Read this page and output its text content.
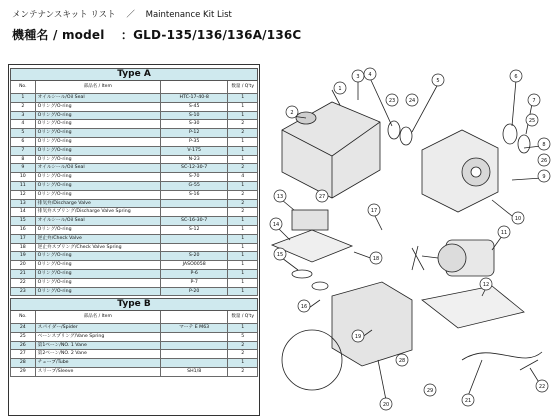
メンテナンスキット リスト ／ Maintenance Kit List
機種名 / model ：GLD-135/136/136A/136C
Type A			
No.	部品名 / Item		数量 / Q'ty
1	オイルシール/Oil Seal	HTC-17-40-8	1
2	Oリング/O-ring	S-45	1
3	Oリング/O-ring	S-10	1
4	Oリング/O-ring	S-30	2
5	Oリング/O-ring	P-12	2
6	Oリング/O-ring	P-35	1
7	Oリング/O-ring	V-175	1
8	Oリング/O-ring	N-23	1
9	オイルシール/Oil Seal	SC-12-30-7	2
10	Oリング/O-ring	S-70	4
11	Oリング/O-ring	G-55	1
12	Oリング/O-ring	S-16	2
13	排気弁/Discharge Valve		2
14	排気弁スプリング/Discharge Valve Spring		2
15	オイルシール/Oil Seal	SC-16-30-7	1
16	Oリング/O-ring	S-12	1
17	逆止弁/Check Valve		1
18	逆止弁スプリング/Check Valve Spring		1
19	Oリング/O-ring	S-20	1
20	Oリング/O-ring	JASO0058	1
21	Oリング/O-ring	P-6	1
22	Oリング/O-ring	P-7	1
23	Oリング/O-ring	P-20	1
Type B			
No.	部品名 / Item		数量 / Q'ty
24	スパイダー/Spider	マーテ E M63	1
25	ベーンスプリング/Vane Spring		5
26	第1ベーン/NO. 1 Vane		2
27	第2ベーン/NO. 2 Vane		2
28	チューブ/Tube		1
29	スリーブ/Sleeve	SH1/8	2
1
2
3 4
5
6
7
8
9
10
11
12
13
14
15
16
17
18
19
20
21
22
23	24
25
26
27
28
29
